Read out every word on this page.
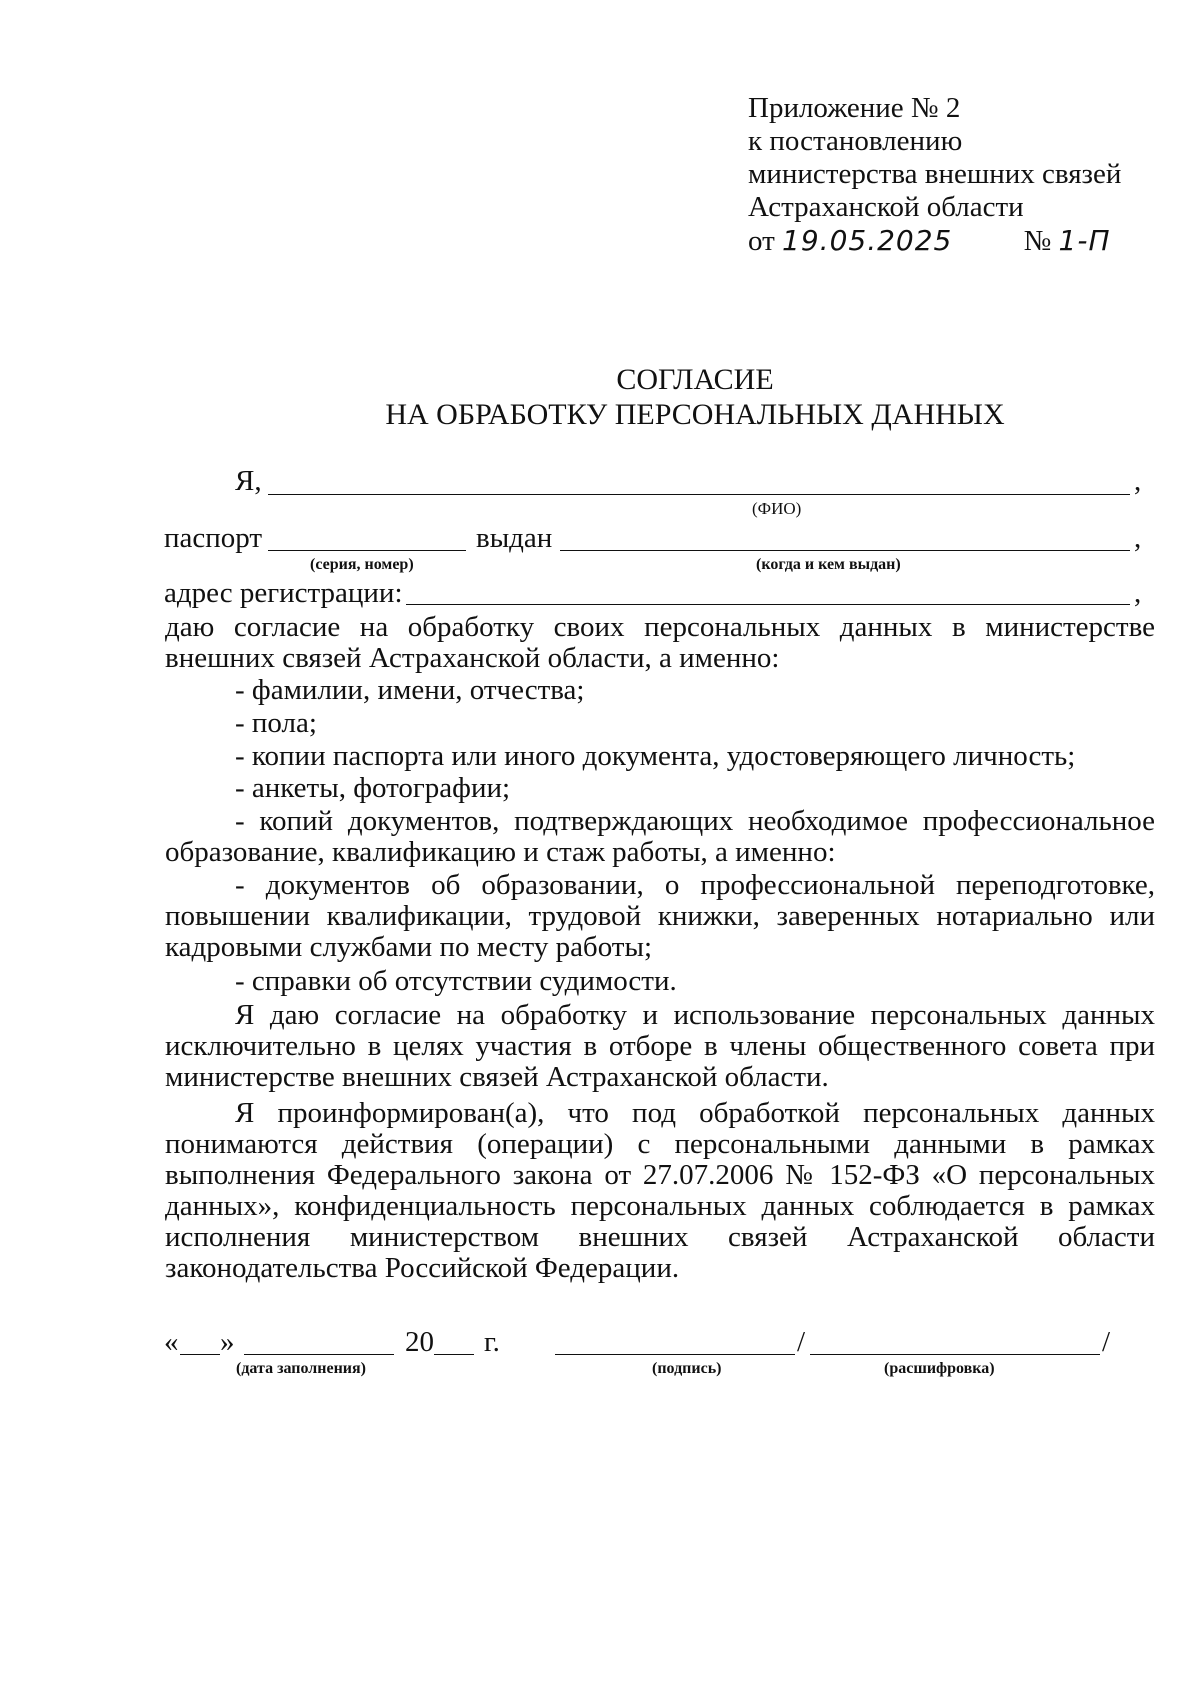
Приложение № 2
к постановлению
министерства внешних связей
Астраханской области
от 19.05.2025 № 1-П
СОГЛАСИЕ
НА ОБРАБОТКУ ПЕРСОНАЛЬНЫХ ДАННЫХ
Я,	,
(ФИО)
паспорт	выдан	,
(серия, номер)	(когда и кем выдан)
адрес регистрации:	,
даю согласие на обработку своих персональных данных в министерстве внешних связей Астраханской области, а именно:
- фамилии, имени, отчества;
- пола;
- копии паспорта или иного документа, удостоверяющего личность;
- анкеты, фотографии;
- копий документов, подтверждающих необходимое профессиональное образование, квалификацию и стаж работы, а именно:
- документов об образовании, о профессиональной переподготовке, повышении квалификации, трудовой книжки, заверенных нотариально или кадровыми службами по месту работы;
- справки об отсутствии судимости.
Я даю согласие на обработку и использование персональных данных исключительно в целях участия в отборе в члены общественного совета при министерстве внешних связей Астраханской области.
Я проинформирован(а), что под обработкой персональных данных понимаются действия (операции) с персональными данными в рамках выполнения Федерального закона от 27.07.2006 № 152-ФЗ «О персональных данных», конфиденциальность персональных данных соблюдается в рамках исполнения министерством внешних связей Астраханской области законодательства Российской Федерации.
« »	20 г.	/	/
(дата заполнения)	(подпись)	(расшифровка)
